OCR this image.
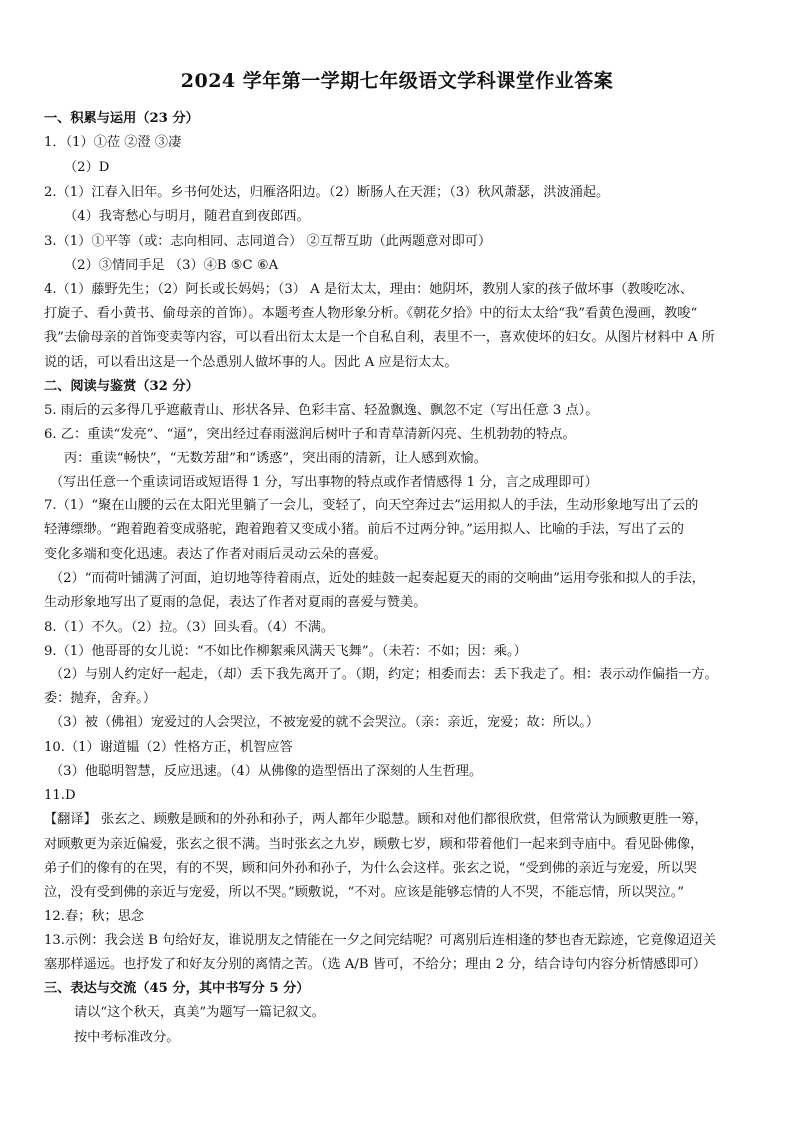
2024 学年第一学期七年级语文学科课堂作业答案
一、积累与运用（23 分）
1．（1）①莅 ②澄 ③凄
（2）D
2.（1）江春入旧年。乡书何处达，归雁洛阳边。（2）断肠人在天涯；（3）秋风萧瑟，洪波涌起。
（4）我寄愁心与明月，随君直到夜郎西。
3.（1）①平等（或：志向相同、志同道合） ②互帮互助（此两题意对即可）
（2）③情同手足 （3）④B ⑤C ⑥A
4.（1）藤野先生；（2）阿长或长妈妈；（3） A 是衍太太，理由：她阴坏，教别人家的孩子做坏事（教唆吃冰、
打旋子、看小黄书、偷母亲的首饰）。本题考查人物形象分析。《朝花夕拾》中的衍太太给“我”看黄色漫画，教唆“
我”去偷母亲的首饰变卖等内容，可以看出衍太太是一个自私自利，表里不一，喜欢使坏的妇女。从图片材料中 A 所
说的话，可以看出这是一个怂恿别人做坏事的人。因此 A 应是衍太太。
二、阅读与鉴赏（32 分）
5. 雨后的云多得几乎遮蔽青山、形状各异、色彩丰富、轻盈飘逸、飘忽不定（写出任意 3 点）。
6. 乙：重读“发亮”、“逼”，突出经过春雨滋润后树叶子和青草清新闪亮、生机勃勃的特点。
丙：重读“畅快”，“无数芳甜”和“诱惑”，突出雨的清新，让人感到欢愉。
（写出任意一个重读词语或短语得 1 分，写出事物的特点或作者情感得 1 分，言之成理即可）
7.（1）“聚在山腰的云在太阳光里躺了一会儿，变轻了，向天空奔过去”运用拟人的手法，生动形象地写出了云的
轻薄缥缈。“跑着跑着变成骆驼，跑着跑着又变成小猪。前后不过两分钟。”运用拟人、比喻的手法，写出了云的
变化多端和变化迅速。表达了作者对雨后灵动云朵的喜爱。
（2）“而荷叶铺满了河面，迫切地等待着雨点，近处的蛙鼓一起奏起夏天的雨的交响曲”运用夸张和拟人的手法，
生动形象地写出了夏雨的急促，表达了作者对夏雨的喜爱与赞美。
8.（1）不久。（2）拉。（3）回头看。（4）不满。
9.（1）他哥哥的女儿说：“不如比作柳絮乘风满天飞舞”。（未若：不如；因：乘。）
（2）与别人约定好一起走，（却）丢下我先离开了。（期，约定；相委而去：丢下我走了。相：表示动作偏指一方。
委：抛弃，舍弃。）
（3）被（佛祖）宠爱过的人会哭泣，不被宠爱的就不会哭泣。（亲：亲近，宠爱；故：所以。）
10.（1）谢道韫（2）性格方正，机智应答
（3）他聪明智慧，反应迅速。（4）从佛像的造型悟出了深刻的人生哲理。
11.D
【翻译】 张玄之、顾敷是顾和的外孙和孙子，两人都年少聪慧。顾和对他们都很欣赏，但常常认为顾敷更胜一筹，
对顾敷更为亲近偏爱，张玄之很不满。当时张玄之九岁，顾敷七岁，顾和带着他们一起来到寺庙中。看见卧佛像，
弟子们的像有的在哭，有的不哭，顾和问外孙和孙子，为什么会这样。张玄之说，“受到佛的亲近与宠爱，所以哭
泣，没有受到佛的亲近与宠爱，所以不哭。”顾敷说，“不对。应该是能够忘情的人不哭，不能忘情，所以哭泣。”
12.春；秋；思念
13.示例：我会送 B 句给好友，谁说朋友之情能在一夕之间完结呢？可离别后连相逢的梦也杳无踪迹，它竟像迢迢关
塞那样遥远。也抒发了和好友分别的离情之苦。（选 A/B 皆可，不给分；理由 2 分，结合诗句内容分析情感即可）
三、表达与交流（45 分，其中书写分 5 分）
请以“这个秋天，真美”为题写一篇记叙文。
按中考标准改分。
